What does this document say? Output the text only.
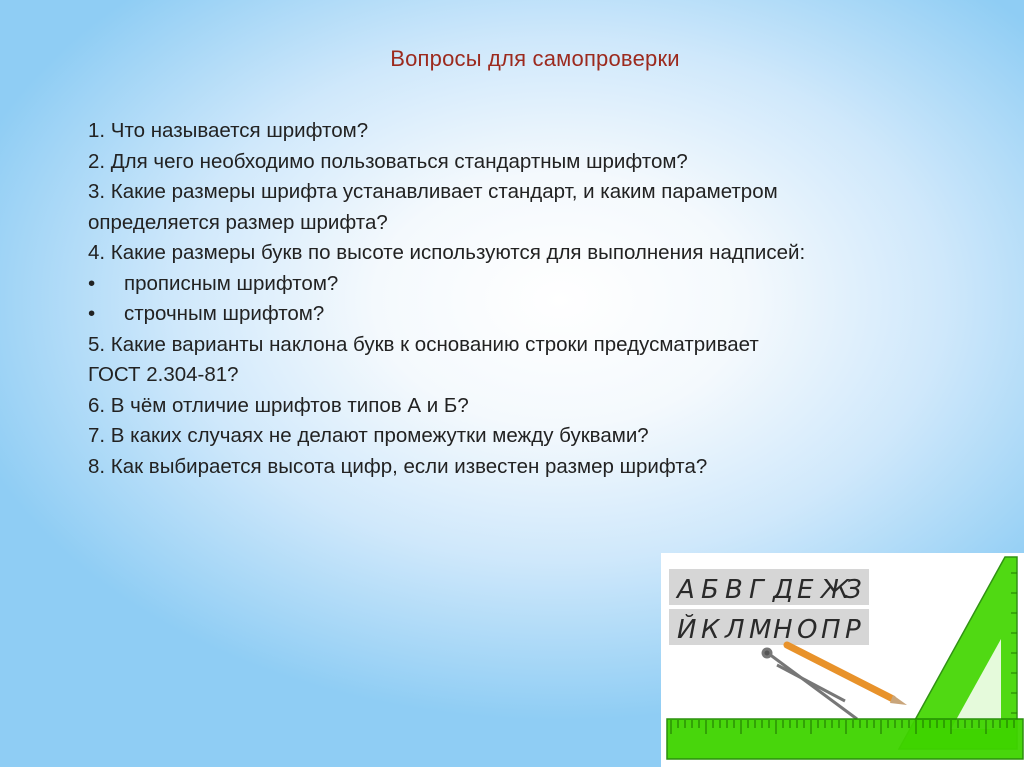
Вопросы для самопроверки
1. Что называется шрифтом?
2. Для чего необходимо пользоваться стандартным шрифтом?
3. Какие размеры шрифта устанавливает стандарт, и каким параметром
определяется размер шрифта?
4. Какие размеры букв по высоте используются для выполнения надписей:
•	прописным шрифтом?
•	строчным шрифтом?
5. Какие варианты наклона букв к основанию строки предусматривает
ГОСТ 2.304-81?
6. В чём отличие шрифтов типов А и Б?
7. В каких случаях не делают промежутки между буквами?
8. Как выбирается высота цифр, если известен размер шрифта?
А Б В Г Д Е Ж
З
Й К Л М Н О П Р
